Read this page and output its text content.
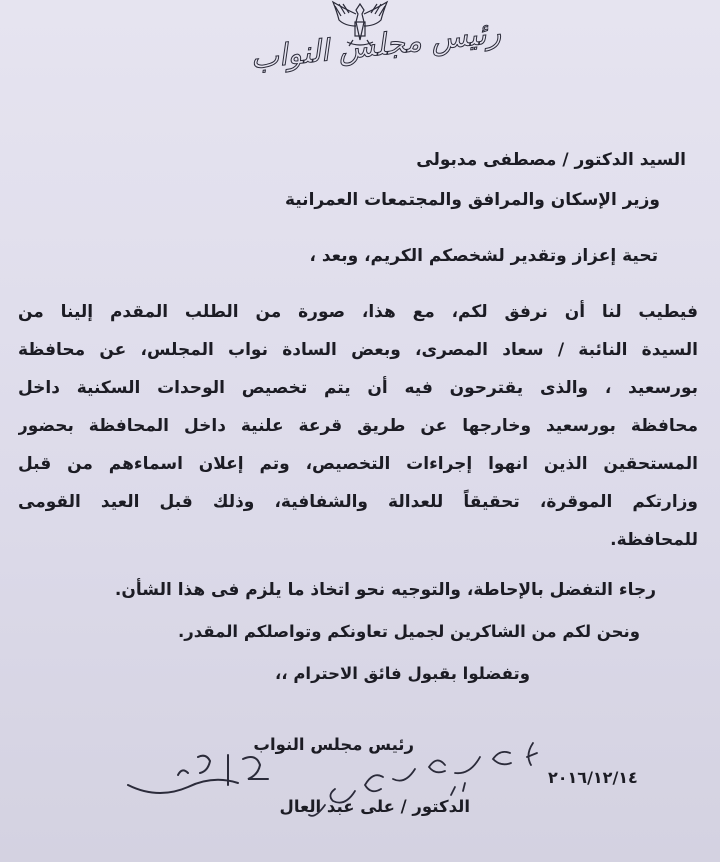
رئيس مجلس النواب
السيد الدكتور / مصطفى مدبولى
وزير الإسكان والمرافق والمجتمعات العمرانية
تحية إعزاز وتقدير لشخصكم الكريم، وبعد ،
فيطيب لنا أن نرفق لكم، مع هذا، صورة من الطلب المقدم إلينا من
السيدة النائبة / سعاد المصرى، وبعض السادة نواب المجلس، عن محافظة
بورسعيد ، والذى يقترحون فيه أن يتم تخصيص الوحدات السكنية داخل
محافظة بورسعيد وخارجها عن طريق قرعة علنية داخل المحافظة بحضور
المستحقين الذين انهوا إجراءات التخصيص، وتم إعلان اسماءهم من قبل
وزارتكم الموقرة، تحقيقاً للعدالة والشفافية، وذلك قبل العيد القومى
للمحافظة.
رجاء التفضل بالإحاطة، والتوجيه نحو اتخاذ ما يلزم فى هذا الشأن.
ونحن لكم من الشاكرين لجميل تعاونكم وتواصلكم المقدر.
وتفضلوا بقبول فائق الاحترام ،،
رئيس مجلس النواب
٢٠١٦/١٢/١٤
الدكتور / على عبد العال
